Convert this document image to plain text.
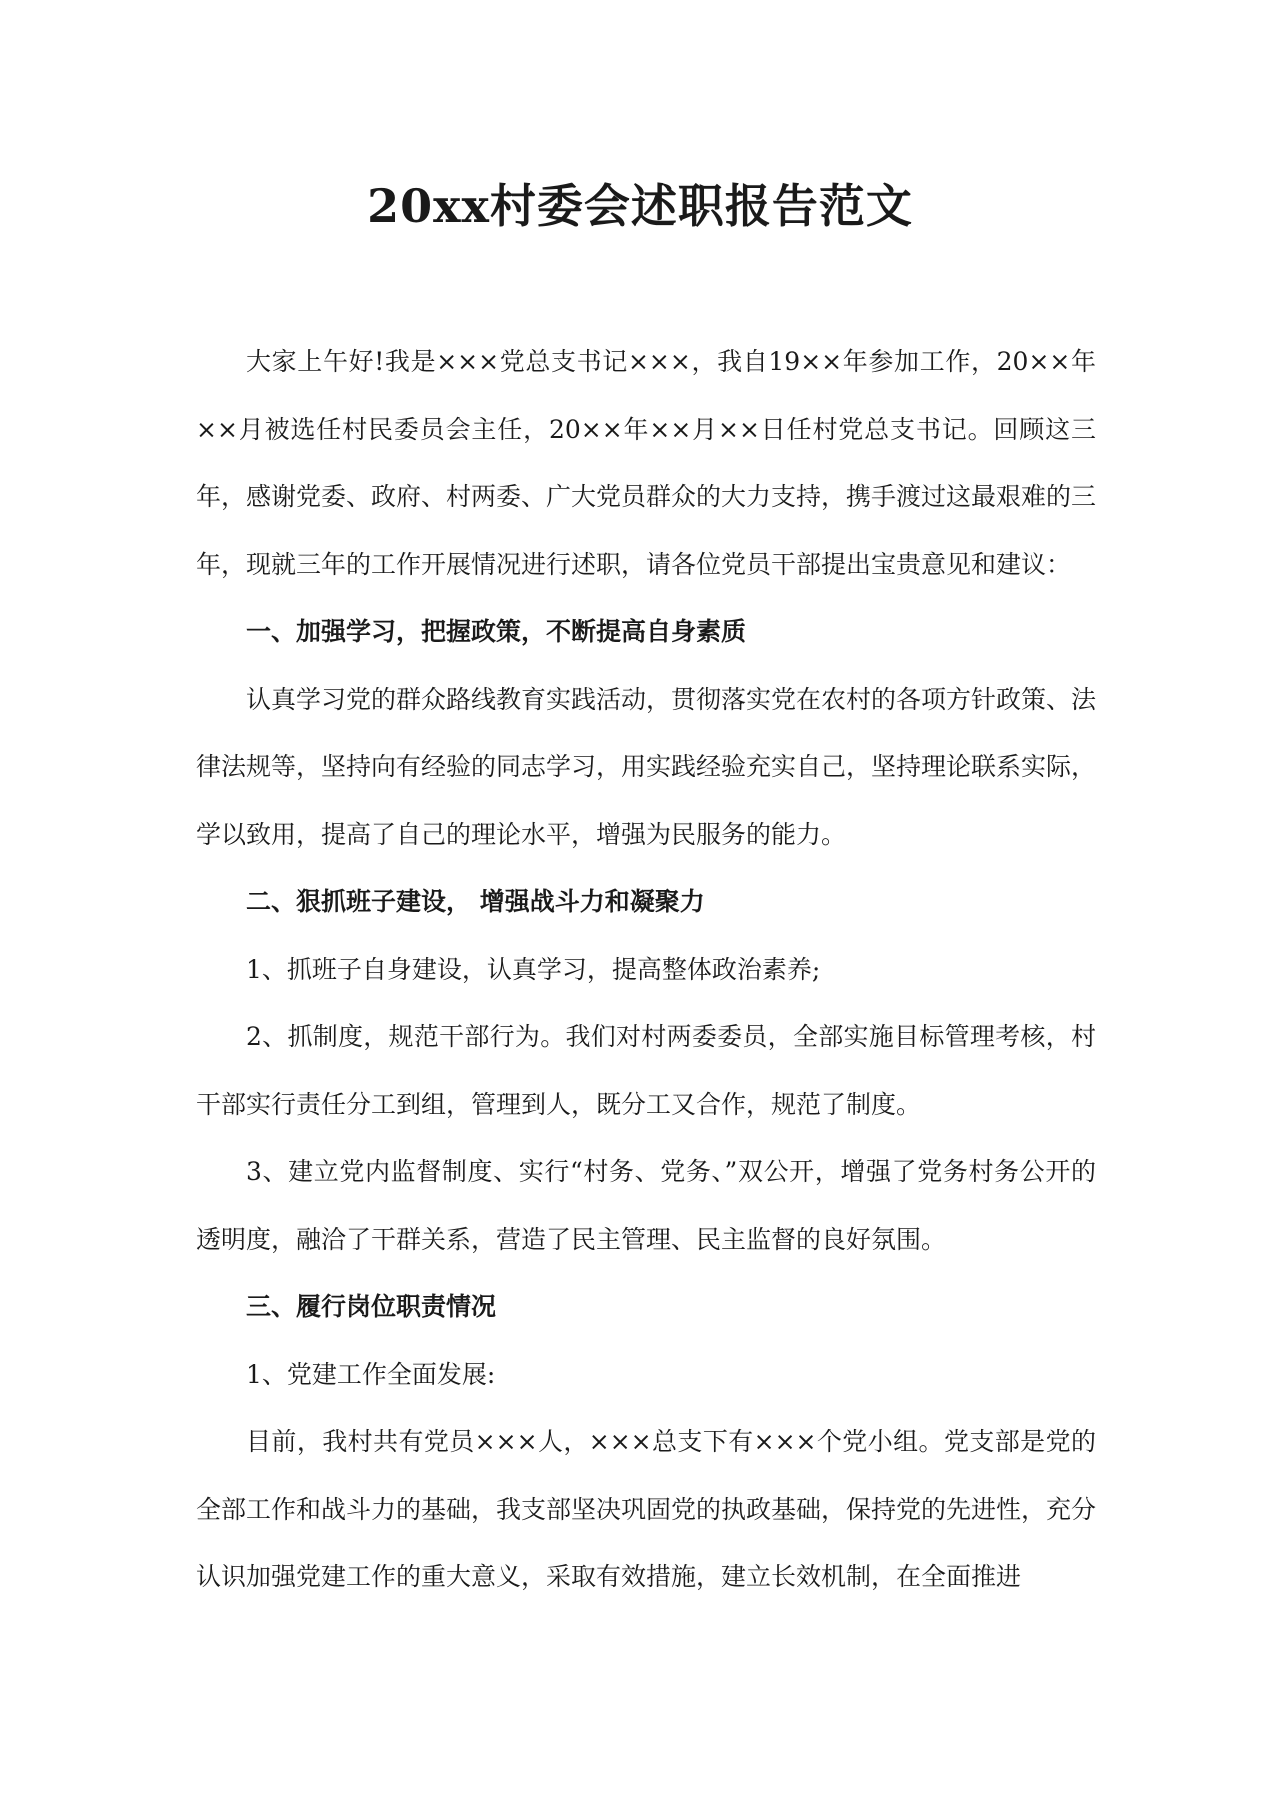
20xx村委会述职报告范文

大家上午好!我是×××党总支书记×××，我自19××年参加工作，20××年××月被选任村民委员会主任，20××年××月××日任村党总支书记。回顾这三年，感谢党委、政府、村两委、广大党员群众的大力支持，携手渡过这最艰难的三年，现就三年的工作开展情况进行述职，请各位党员干部提出宝贵意见和建议：

一、加强学习，把握政策，不断提高自身素质

认真学习党的群众路线教育实践活动，贯彻落实党在农村的各项方针政策、法律法规等，坚持向有经验的同志学习，用实践经验充实自己，坚持理论联系实际，学以致用，提高了自己的理论水平，增强为民服务的能力。

二、狠抓班子建设， 增强战斗力和凝聚力

1、抓班子自身建设，认真学习，提高整体政治素养;

2、抓制度，规范干部行为。我们对村两委委员，全部实施目标管理考核，村干部实行责任分工到组，管理到人，既分工又合作，规范了制度。

3、建立党内监督制度、实行“村务、党务、”双公开，增强了党务村务公开的透明度，融洽了干群关系，营造了民主管理、民主监督的良好氛围。

三、履行岗位职责情况

1、党建工作全面发展:

目前，我村共有党员×××人，×××总支下有×××个党小组。党支部是党的全部工作和战斗力的基础，我支部坚决巩固党的执政基础，保持党的先进性，充分认识加强党建工作的重大意义，采取有效措施，建立长效机制，在全面推进
